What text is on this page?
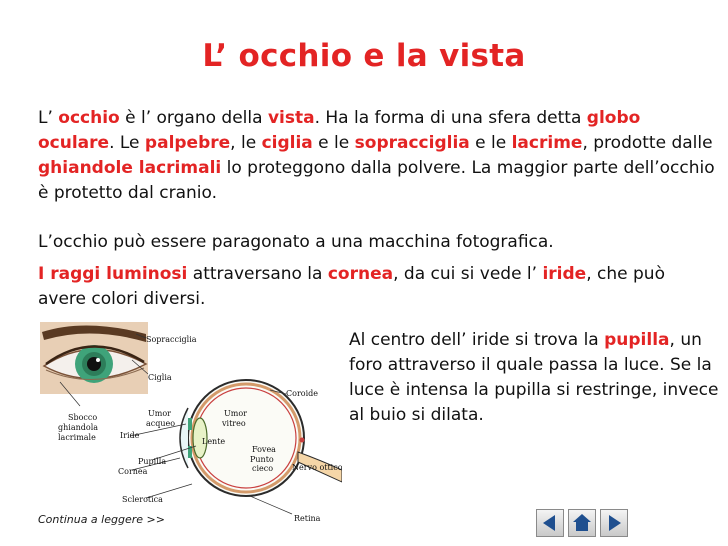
L’ occhio e la vista
L’ occhio è l’ organo della vista. Ha la forma di una sfera detta globo oculare. Le palpebre, le ciglia e le sopracciglia e le lacrime, prodotte dalle ghiandole lacrimali lo proteggono dalla polvere. La maggior parte dell’occhio è protetto dal cranio.
L’occhio può essere paragonato a una macchina fotografica.
I raggi luminosi attraversano la cornea, da cui si vede l’ iride, che può avere colori diversi.
Al centro dell’ iride si trova la pupilla, un foro attraverso il quale passa la luce. Se la luce è intensa la pupilla si restringe, invece al buio si dilata.
Sopracciglia
Ciglia
Sbocco
ghiandola
lacrimale	Iride
Umor
acqueo
Umor
vitreo
Coroide
Lente
Pupilla
Fovea
Punto
cieco
Cornea	Nervo ottico
Sclerotica
Retina
Continua a leggere >>
